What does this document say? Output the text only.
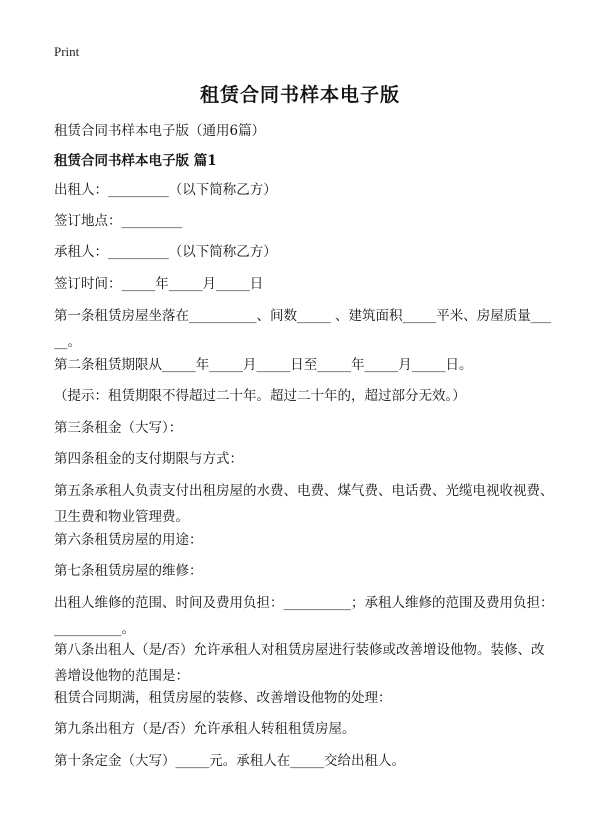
Print
租赁合同书样本电子版
租赁合同书样本电子版（通用6篇）
租赁合同书样本电子版 篇1
出租人：_________（以下简称乙方）
签订地点：_________
承租人：_________（以下简称乙方）
签订时间：_____年_____月_____日
第一条租赁房屋坐落在__________、间数_____ 、建筑面积_____平米、房屋质量_____。
第二条租赁期限从_____年_____月_____日至_____年_____月_____日。
（提示：租赁期限不得超过二十年。超过二十年的，超过部分无效。）
第三条租金（大写）：
第四条租金的支付期限与方式：
第五条承租人负责支付出租房屋的水费、电费、煤气费、电话费、光缆电视收视费、卫生费和物业管理费。
第六条租赁房屋的用途：
第七条租赁房屋的维修：
出租人维修的范围、时间及费用负担：__________；承租人维修的范围及费用负担：__________。
第八条出租人（是/否）允许承租人对租赁房屋进行装修或改善增设他物。装修、改善增设他物的范围是：
租赁合同期满，租赁房屋的装修、改善增设他物的处理：
第九条出租方（是/否）允许承租人转租租赁房屋。
第十条定金（大写）_____元。承租人在_____交给出租人。
